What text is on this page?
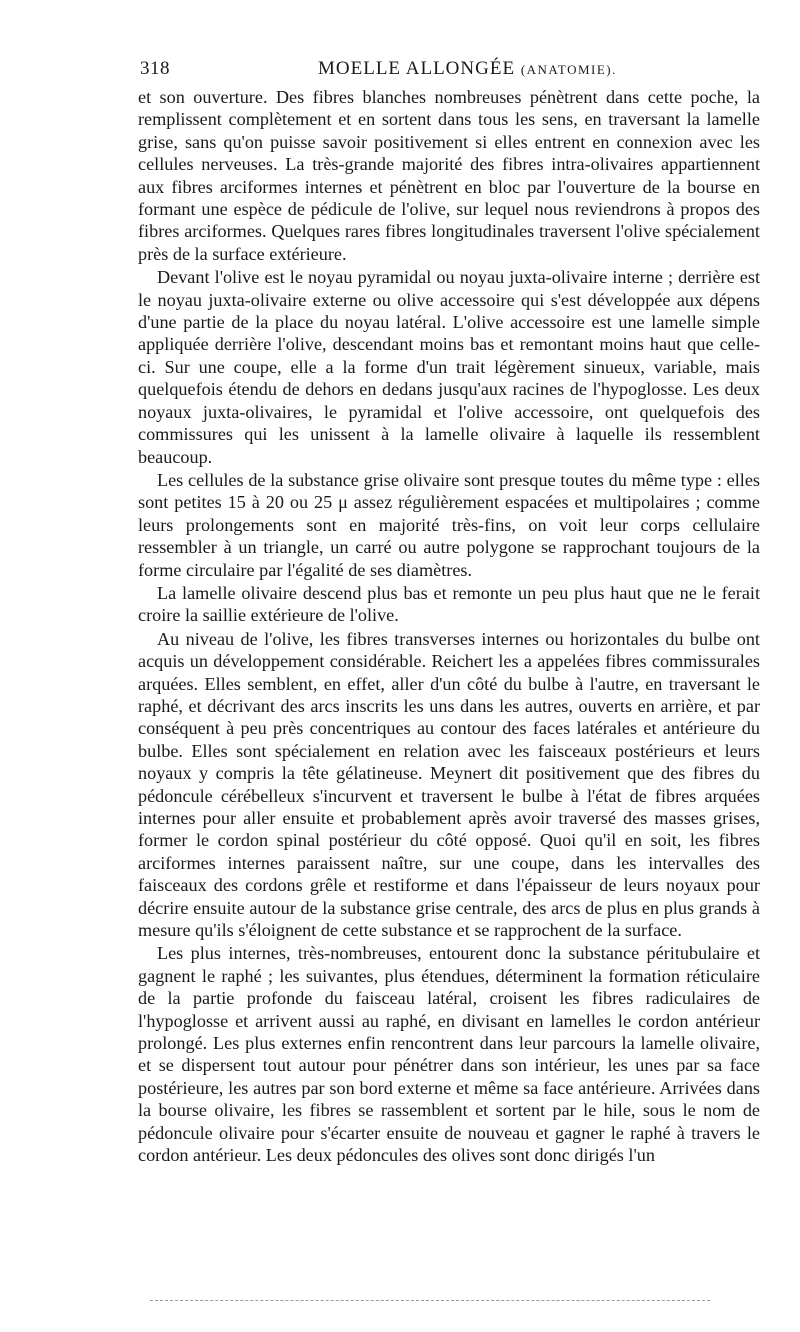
318	MOELLE ALLONGÉE (ANATOMIE).

et son ouverture. Des fibres blanches nombreuses pénètrent dans cette poche, la remplissent complètement et en sortent dans tous les sens, en traversant la lamelle grise, sans qu'on puisse savoir positivement si elles entrent en connexion avec les cellules nerveuses. La très-grande majorité des fibres intra-olivaires appartiennent aux fibres arciformes internes et pénètrent en bloc par l'ouverture de la bourse en formant une espèce de pédicule de l'olive, sur lequel nous reviendrons à propos des fibres arciformes. Quelques rares fibres longitudinales traversent l'olive spécialement près de la surface extérieure.

Devant l'olive est le noyau pyramidal ou noyau juxta-olivaire interne ; derrière est le noyau juxta-olivaire externe ou olive accessoire qui s'est développée aux dépens d'une partie de la place du noyau latéral. L'olive accessoire est une lamelle simple appliquée derrière l'olive, descendant moins bas et remontant moins haut que celle-ci. Sur une coupe, elle a la forme d'un trait légèrement sinueux, variable, mais quelquefois étendu de dehors en dedans jusqu'aux racines de l'hypoglosse. Les deux noyaux juxta-olivaires, le pyramidal et l'olive accessoire, ont quelquefois des commissures qui les unissent à la lamelle olivaire à laquelle ils ressemblent beaucoup.

Les cellules de la substance grise olivaire sont presque toutes du même type : elles sont petites 15 à 20 ou 25 μ assez régulièrement espacées et multipolaires ; comme leurs prolongements sont en majorité très-fins, on voit leur corps cellulaire ressembler à un triangle, un carré ou autre polygone se rapprochant toujours de la forme circulaire par l'égalité de ses diamètres.

La lamelle olivaire descend plus bas et remonte un peu plus haut que ne le ferait croire la saillie extérieure de l'olive.

Au niveau de l'olive, les fibres transverses internes ou horizontales du bulbe ont acquis un développement considérable. Reichert les a appelées fibres commissurales arquées. Elles semblent, en effet, aller d'un côté du bulbe à l'autre, en traversant le raphé, et décrivant des arcs inscrits les uns dans les autres, ouverts en arrière, et par conséquent à peu près concentriques au contour des faces latérales et antérieure du bulbe. Elles sont spécialement en relation avec les faisceaux postérieurs et leurs noyaux y compris la tête gélatineuse. Meynert dit positivement que des fibres du pédoncule cérébelleux s'incurvent et traversent le bulbe à l'état de fibres arquées internes pour aller ensuite et probablement après avoir traversé des masses grises, former le cordon spinal postérieur du côté opposé. Quoi qu'il en soit, les fibres arciformes internes paraissent naître, sur une coupe, dans les intervalles des faisceaux des cordons grêle et restiforme et dans l'épaisseur de leurs noyaux pour décrire ensuite autour de la substance grise centrale, des arcs de plus en plus grands à mesure qu'ils s'éloignent de cette substance et se rapprochent de la surface.

Les plus internes, très-nombreuses, entourent donc la substance péritubulaire et gagnent le raphé ; les suivantes, plus étendues, déterminent la formation réticulaire de la partie profonde du faisceau latéral, croisent les fibres radiculaires de l'hypoglosse et arrivent aussi au raphé, en divisant en lamelles le cordon antérieur prolongé. Les plus externes enfin rencontrent dans leur parcours la lamelle olivaire, et se dispersent tout autour pour pénétrer dans son intérieur, les unes par sa face postérieure, les autres par son bord externe et même sa face antérieure. Arrivées dans la bourse olivaire, les fibres se rassemblent et sortent par le hile, sous le nom de pédoncule olivaire pour s'écarter ensuite de nouveau et gagner le raphé à travers le cordon antérieur. Les deux pédoncules des olives sont donc dirigés l'un
